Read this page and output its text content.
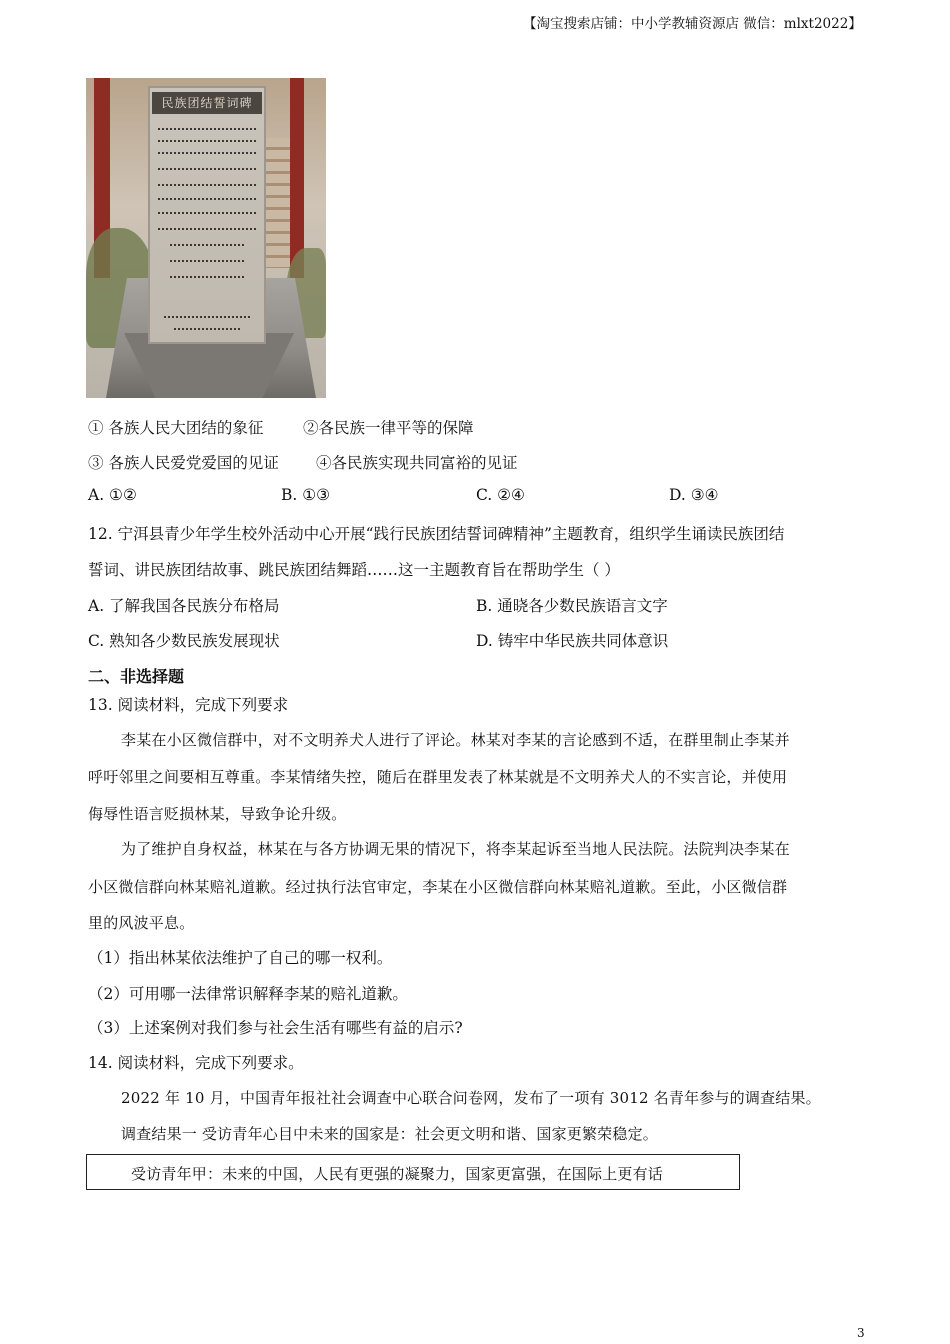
【淘宝搜索店铺：中小学教辅资源店 微信：mlxt2022】
民族团结誓词碑
① 各族人民大团结的象征	②各民族一律平等的保障
③ 各族人民爱党爱国的见证 ④各民族实现共同富裕的见证
A. ①②	B. ①③	C. ②④	D. ③④
12. 宁洱县青少年学生校外活动中心开展“践行民族团结誓词碑精神”主题教育，组织学生诵读民族团结
誓词、讲民族团结故事、跳民族团结舞蹈……这一主题教育旨在帮助学生（ ）
A. 了解我国各民族分布格局	B. 通晓各少数民族语言文字
C. 熟知各少数民族发展现状	D. 铸牢中华民族共同体意识
二、非选择题
13. 阅读材料，完成下列要求
李某在小区微信群中，对不文明养犬人进行了评论。林某对李某的言论感到不适，在群里制止李某并
呼吁邻里之间要相互尊重。李某情绪失控，随后在群里发表了林某就是不文明养犬人的不实言论，并使用
侮辱性语言贬损林某，导致争论升级。
为了维护自身权益，林某在与各方协调无果的情况下，将李某起诉至当地人民法院。法院判决李某在
小区微信群向林某赔礼道歉。经过执行法官审定，李某在小区微信群向林某赔礼道歉。至此，小区微信群
里的风波平息。
（1）指出林某依法维护了自己的哪一权利。
（2）可用哪一法律常识解释李某的赔礼道歉。
（3）上述案例对我们参与社会生活有哪些有益的启示?
14. 阅读材料，完成下列要求。
2022 年 10 月，中国青年报社社会调查中心联合问卷网，发布了一项有 3012 名青年参与的调查结果。
调查结果一 受访青年心目中未来的国家是：社会更文明和谐、国家更繁荣稳定。
受访青年甲：未来的中国，人民有更强的凝聚力，国家更富强，在国际上更有话
3
